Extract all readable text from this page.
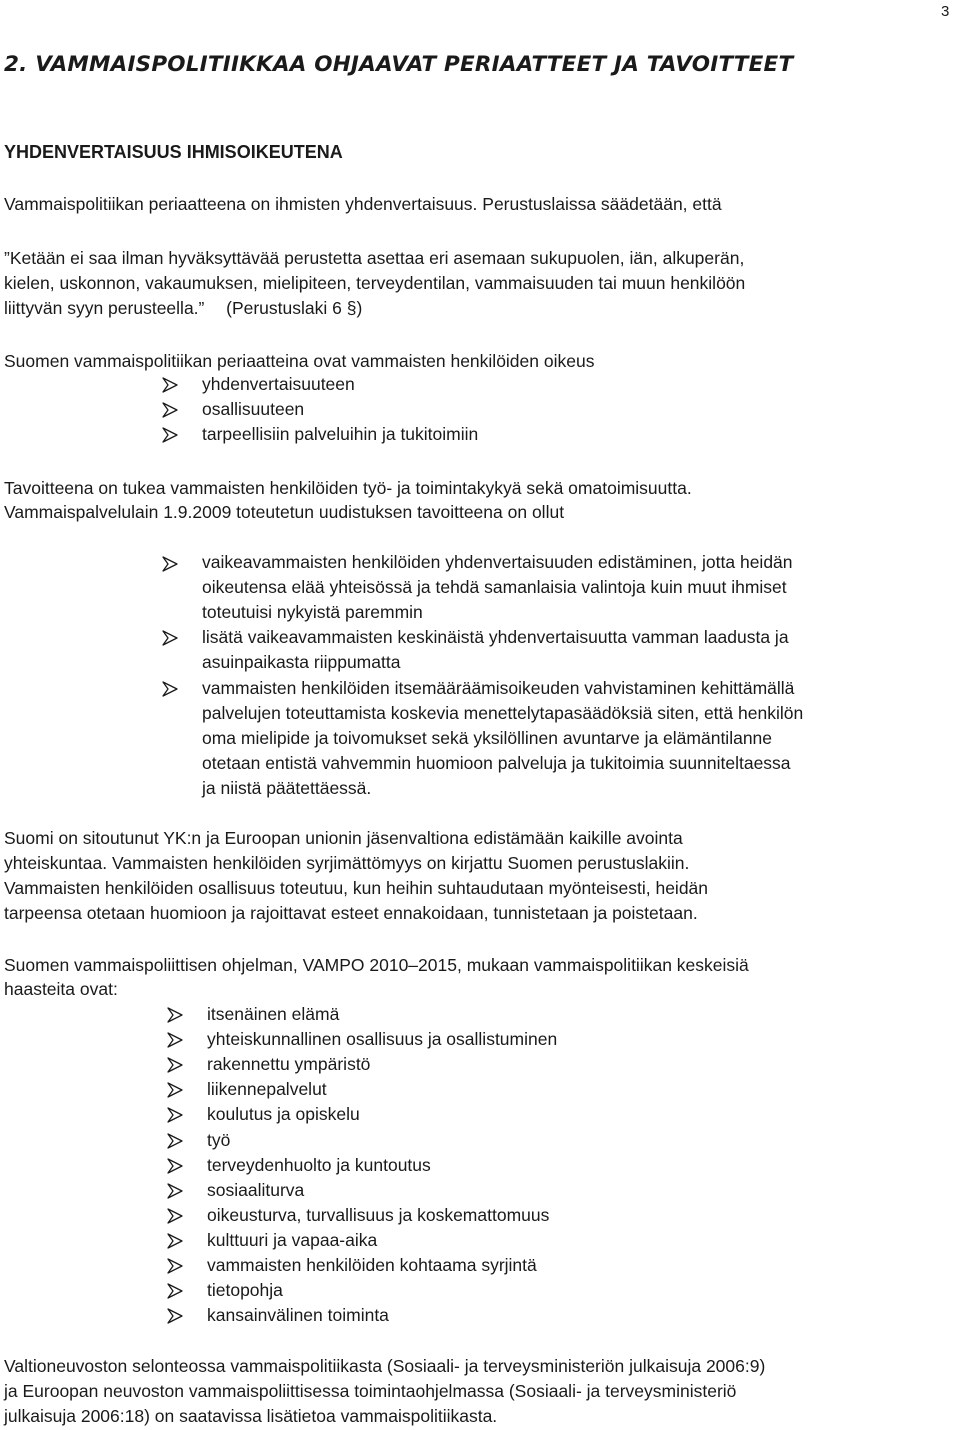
3
2. VAMMAISPOLITIIKKAA OHJAAVAT PERIAATTEET JA TAVOITTEET
YHDENVERTAISUUS IHMISOIKEUTENA
Vammaispolitiikan periaatteena on ihmisten yhdenvertaisuus. Perustuslaissa säädetään, että
”Ketään ei saa ilman hyväksyttävää perustetta asettaa eri asemaan sukupuolen, iän, alkuperän,
kielen, uskonnon, vakaumuksen, mielipiteen, terveydentilan, vammaisuuden tai muun henkilöön
liittyvän syyn perusteella.” (Perustuslaki 6 §)
Suomen vammaispolitiikan periaatteina ovat vammaisten henkilöiden oikeus
yhdenvertaisuuteen
osallisuuteen
tarpeellisiin palveluihin ja tukitoimiin
Tavoitteena on tukea vammaisten henkilöiden työ- ja toimintakykyä sekä omatoimisuutta.
Vammaispalvelulain 1.9.2009 toteutetun uudistuksen tavoitteena on ollut
vaikeavammaisten henkilöiden yhdenvertaisuuden edistäminen, jotta heidän
oikeutensa elää yhteisössä ja tehdä samanlaisia valintoja kuin muut ihmiset
toteutuisi nykyistä paremmin
lisätä vaikeavammaisten keskinäistä yhdenvertaisuutta vamman laadusta ja
asuinpaikasta riippumatta
vammaisten henkilöiden itsemääräämisoikeuden vahvistaminen kehittämällä
palvelujen toteuttamista koskevia menettelytapasäädöksiä siten, että henkilön
oma mielipide ja toivomukset sekä yksilöllinen avuntarve ja elämäntilanne
otetaan entistä vahvemmin huomioon palveluja ja tukitoimia suunniteltaessa
ja niistä päätettäessä.
Suomi on sitoutunut YK:n ja Euroopan unionin jäsenvaltiona edistämään kaikille avointa
yhteiskuntaa. Vammaisten henkilöiden syrjimättömyys on kirjattu Suomen perustuslakiin.
Vammaisten henkilöiden osallisuus toteutuu, kun heihin suhtaudutaan myönteisesti, heidän
tarpeensa otetaan huomioon ja rajoittavat esteet ennakoidaan, tunnistetaan ja poistetaan.
Suomen vammaispoliittisen ohjelman, VAMPO 2010–2015, mukaan vammaispolitiikan keskeisiä
haasteita ovat:
itsenäinen elämä
yhteiskunnallinen osallisuus ja osallistuminen
rakennettu ympäristö
liikennepalvelut
koulutus ja opiskelu
työ
terveydenhuolto ja kuntoutus
sosiaaliturva
oikeusturva, turvallisuus ja koskemattomuus
kulttuuri ja vapaa-aika
vammaisten henkilöiden kohtaama syrjintä
tietopohja
kansainvälinen toiminta
Valtioneuvoston selonteossa vammaispolitiikasta (Sosiaali- ja terveysministeriön julkaisuja 2006:9)
ja Euroopan neuvoston vammaispoliittisessa toimintaohjelmassa (Sosiaali- ja terveysministeriö
julkaisuja 2006:18) on saatavissa lisätietoa vammaispolitiikasta.
